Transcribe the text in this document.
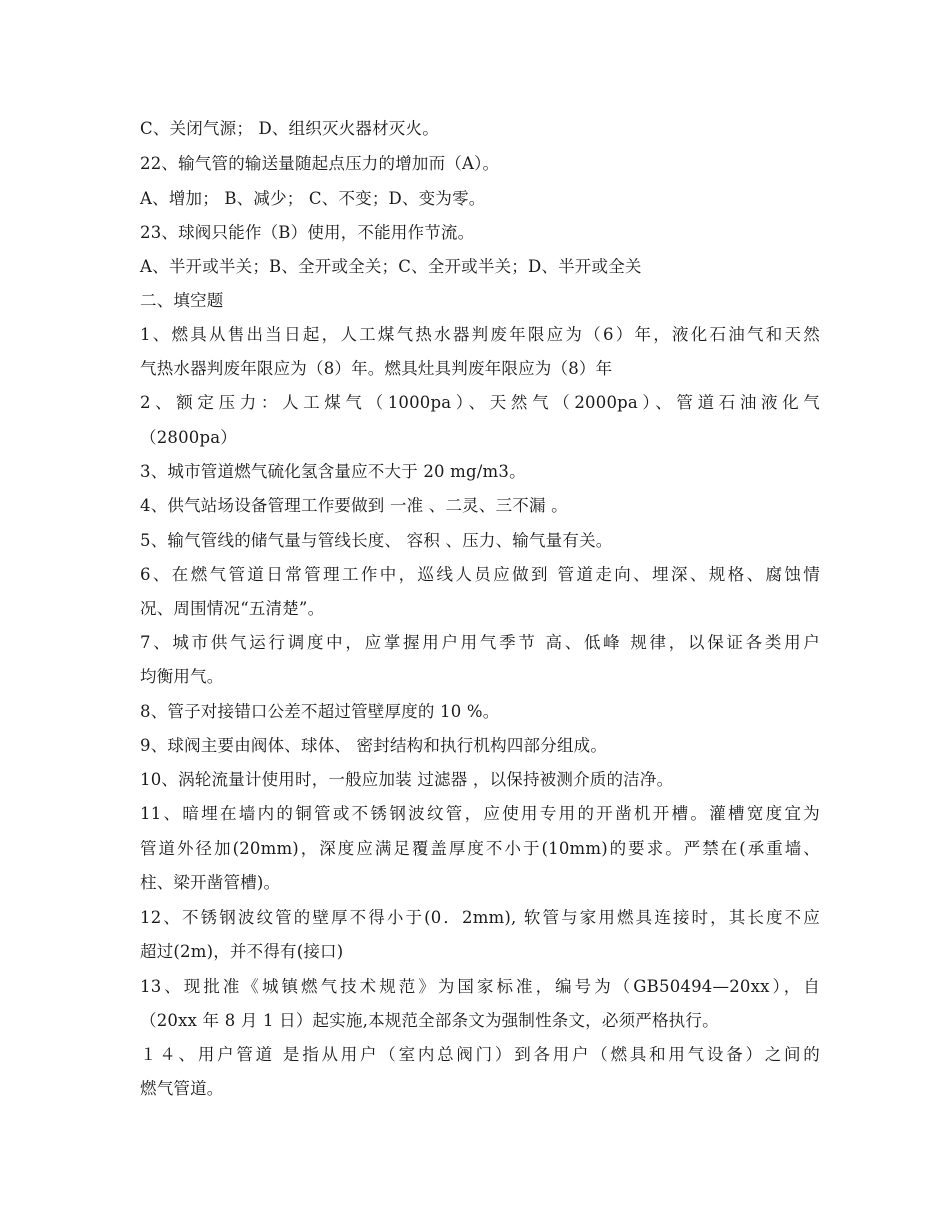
C、关闭气源； D、组织灭火器材灭火。
22、输气管的输送量随起点压力的增加而（A）。
A、增加； B、减少； C、不变；D、变为零。
23、球阀只能作（B）使用，不能用作节流。
A、半开或半关；B、全开或全关；C、全开或半关；D、半开或全关
二、填空题
1、燃具从售出当日起，人工煤气热水器判废年限应为（6）年，液化石油气和天然
气热水器判废年限应为（8）年。燃具灶具判废年限应为（8）年
2、额定压力：人工煤气（1000pa）、天然气（2000pa）、管道石油液化气
（2800pa）
3、城市管道燃气硫化氢含量应不大于 20 mg/m3。
4、供气站场设备管理工作要做到 一准 、二灵、三不漏 。
5、输气管线的储气量与管线长度、 容积 、压力、输气量有关。
6、在燃气管道日常管理工作中，巡线人员应做到 管道走向、埋深、规格、腐蚀情
况、周围情况“五清楚”。
7、城市供气运行调度中，应掌握用户用气季节 高、低峰 规律，以保证各类用户
均衡用气。
8、管子对接错口公差不超过管壁厚度的 10 %。
9、球阀主要由阀体、球体、 密封结构和执行机构四部分组成。
10、涡轮流量计使用时，一般应加装 过滤器 ，以保持被测介质的洁净。
11、暗埋在墙内的铜管或不锈钢波纹管，应使用专用的开凿机开槽。灌槽宽度宜为
管道外径加(20mm)，深度应满足覆盖厚度不小于(10mm)的要求。严禁在(承重墙、
柱、梁开凿管槽)。
12、不锈钢波纹管的壁厚不得小于(0．2mm), 软管与家用燃具连接时，其长度不应
超过(2m)，并不得有(接口)
13、现批准《城镇燃气技术规范》为国家标准，编号为（GB50494—20xx），自
（20xx 年 8 月 1 日）起实施,本规范全部条文为强制性条文，必须严格执行。
１４、用户管道 是指从用户（室内总阀门）到各用户（燃具和用气设备）之间的
燃气管道。
